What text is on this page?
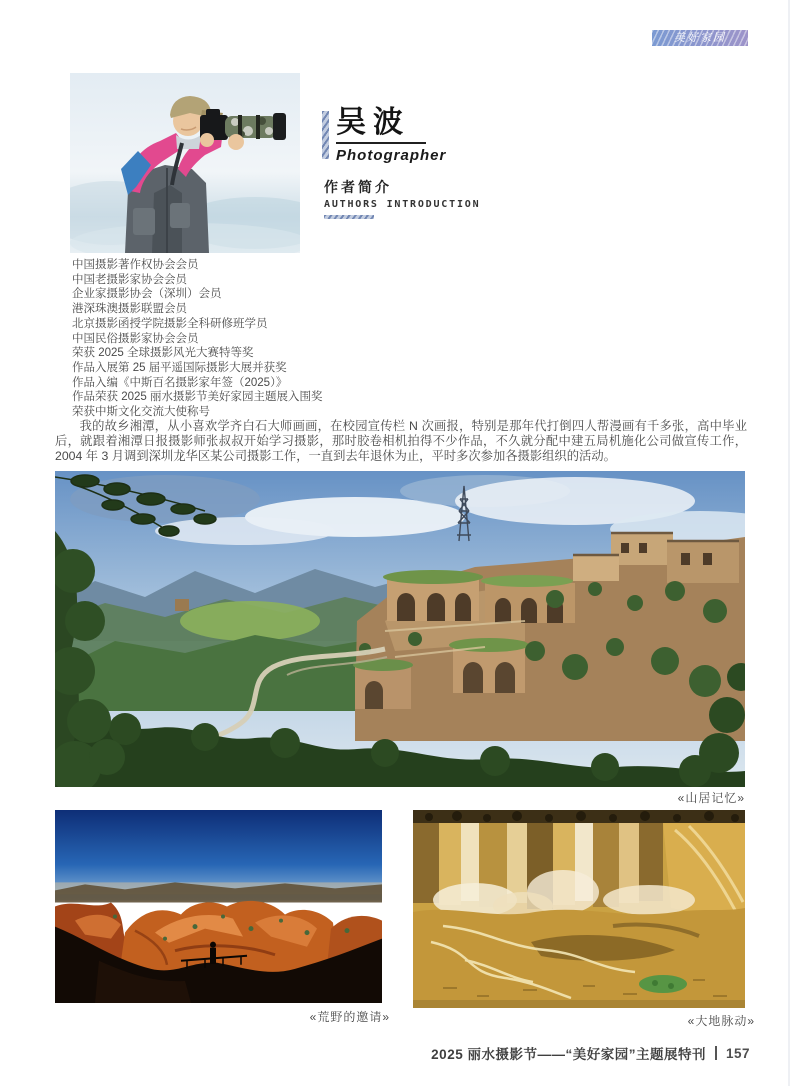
美好家园
吴波
Photographer
作者简介
AUTHORS INTRODUCTION
中国摄影著作权协会会员
中国老摄影家协会会员
企业家摄影协会（深圳）会员
港深珠澳摄影联盟会员
北京摄影函授学院摄影全科研修班学员
中国民俗摄影家协会会员
荣获 2025 全球摄影风光大赛特等奖
作品入展第 25 届平遥国际摄影大展并获奖
作品入编《中斯百名摄影家年签（2025）》
作品荣获 2025 丽水摄影节美好家园主题展入围奖
荣获中斯文化交流大使称号
我的故乡湘潭，从小喜欢学齐白石大师画画，在校园宣传栏 N 次画报，特别是那年代打倒四人帮漫画有千多张，高中毕业后，就跟着湘潭日报摄影师张叔叔开始学习摄影，那时胶卷相机拍得不少作品，不久就分配中建五局机施化公司做宣传工作，2004 年 3 月调到深圳龙华区某公司摄影工作，一直到去年退休为止，平时多次参加各摄影组织的活动。
«山居记忆»
«荒野的邀请»	«大地脉动»
2025 丽水摄影节——“美好家园”主题展特刊 157
